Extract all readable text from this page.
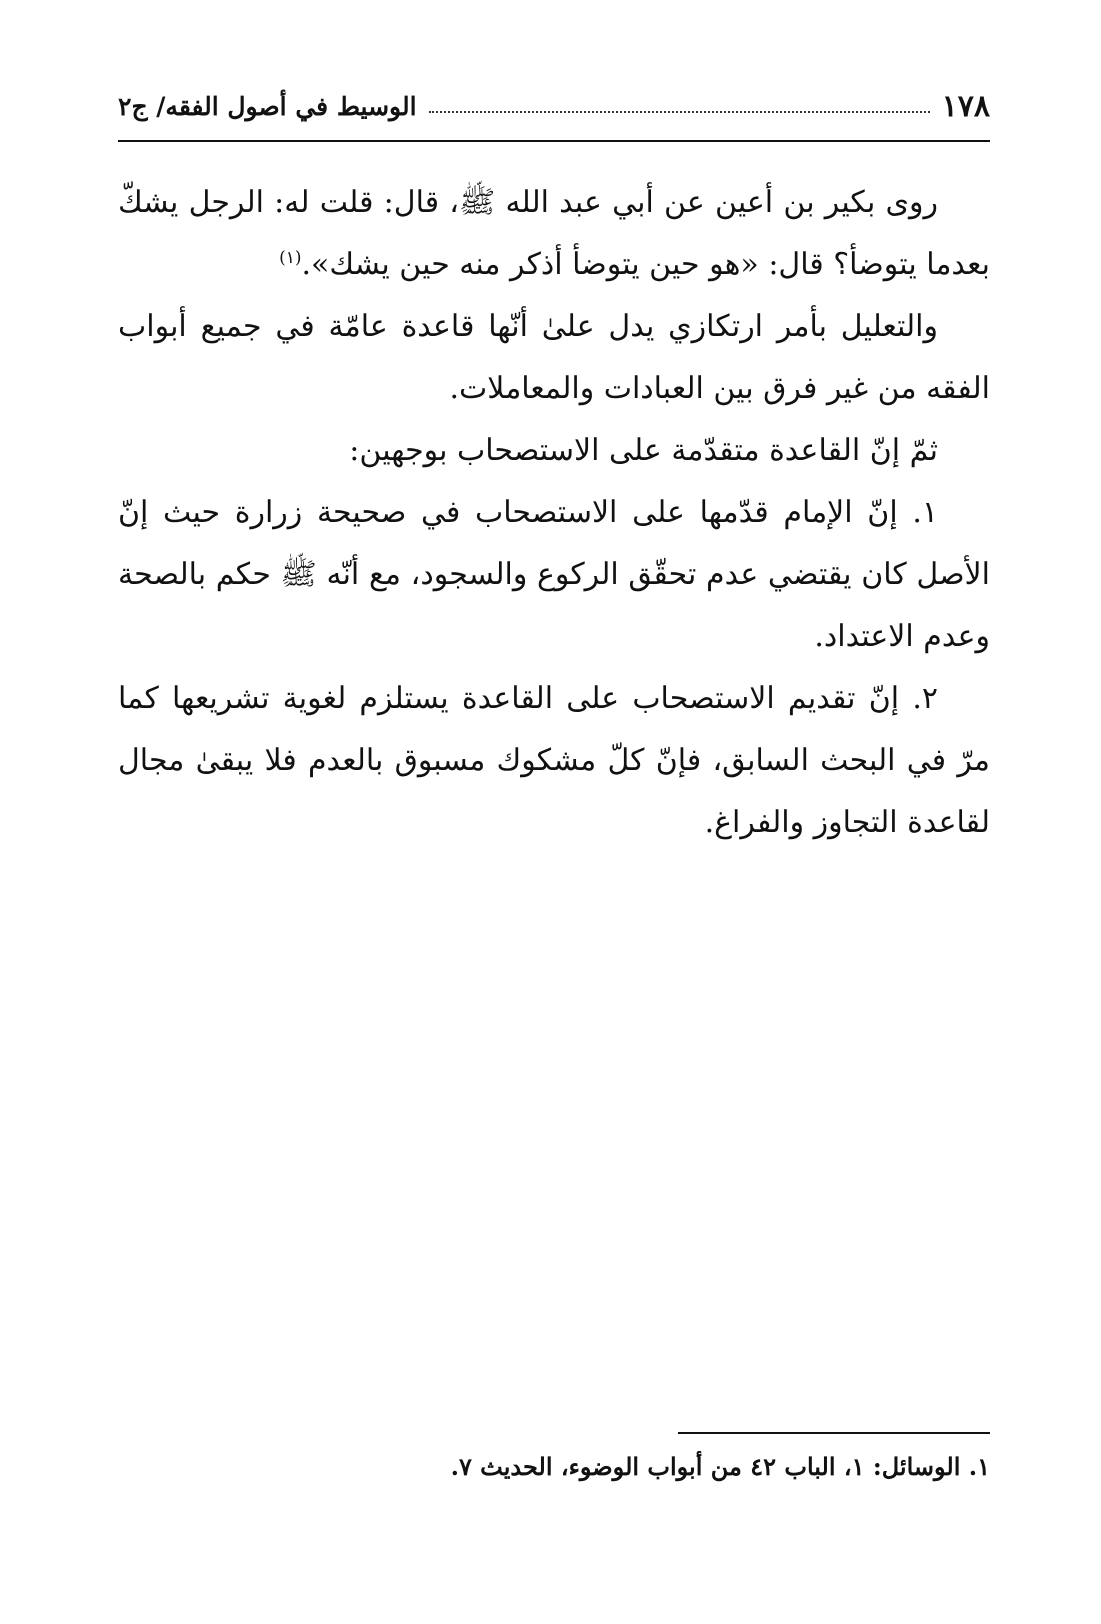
١٧٨
الوسيط في أصول الفقه/ ج٢

روى بكير بن أعين عن أبي عبد الله ﷺ، قال: قلت له: الرجل يشكّ بعدما يتوضأ؟ قال: «هو حين يتوضأ أذكر منه حين يشك».$^{(١)}$

والتعليل بأمر ارتكازي يدل علىٰ أنّها قاعدة عامّة في جميع أبواب الفقه من غير فرق بين العبادات والمعاملات.

ثمّ إنّ القاعدة متقدّمة على الاستصحاب بوجهين:

١. إنّ الإمام قدّمها على الاستصحاب في صحيحة زرارة حيث إنّ الأصل كان يقتضي عدم تحقّق الركوع والسجود، مع أنّه ﷺ حكم بالصحة وعدم الاعتداد.

٢. إنّ تقديم الاستصحاب على القاعدة يستلزم لغوية تشريعها كما مرّ في البحث السابق، فإنّ كلّ مشكوك مسبوق بالعدم فلا يبقىٰ مجال لقاعدة التجاوز والفراغ.

١. الوسائل: ١، الباب ٤٢ من أبواب الوضوء، الحديث ٧.
